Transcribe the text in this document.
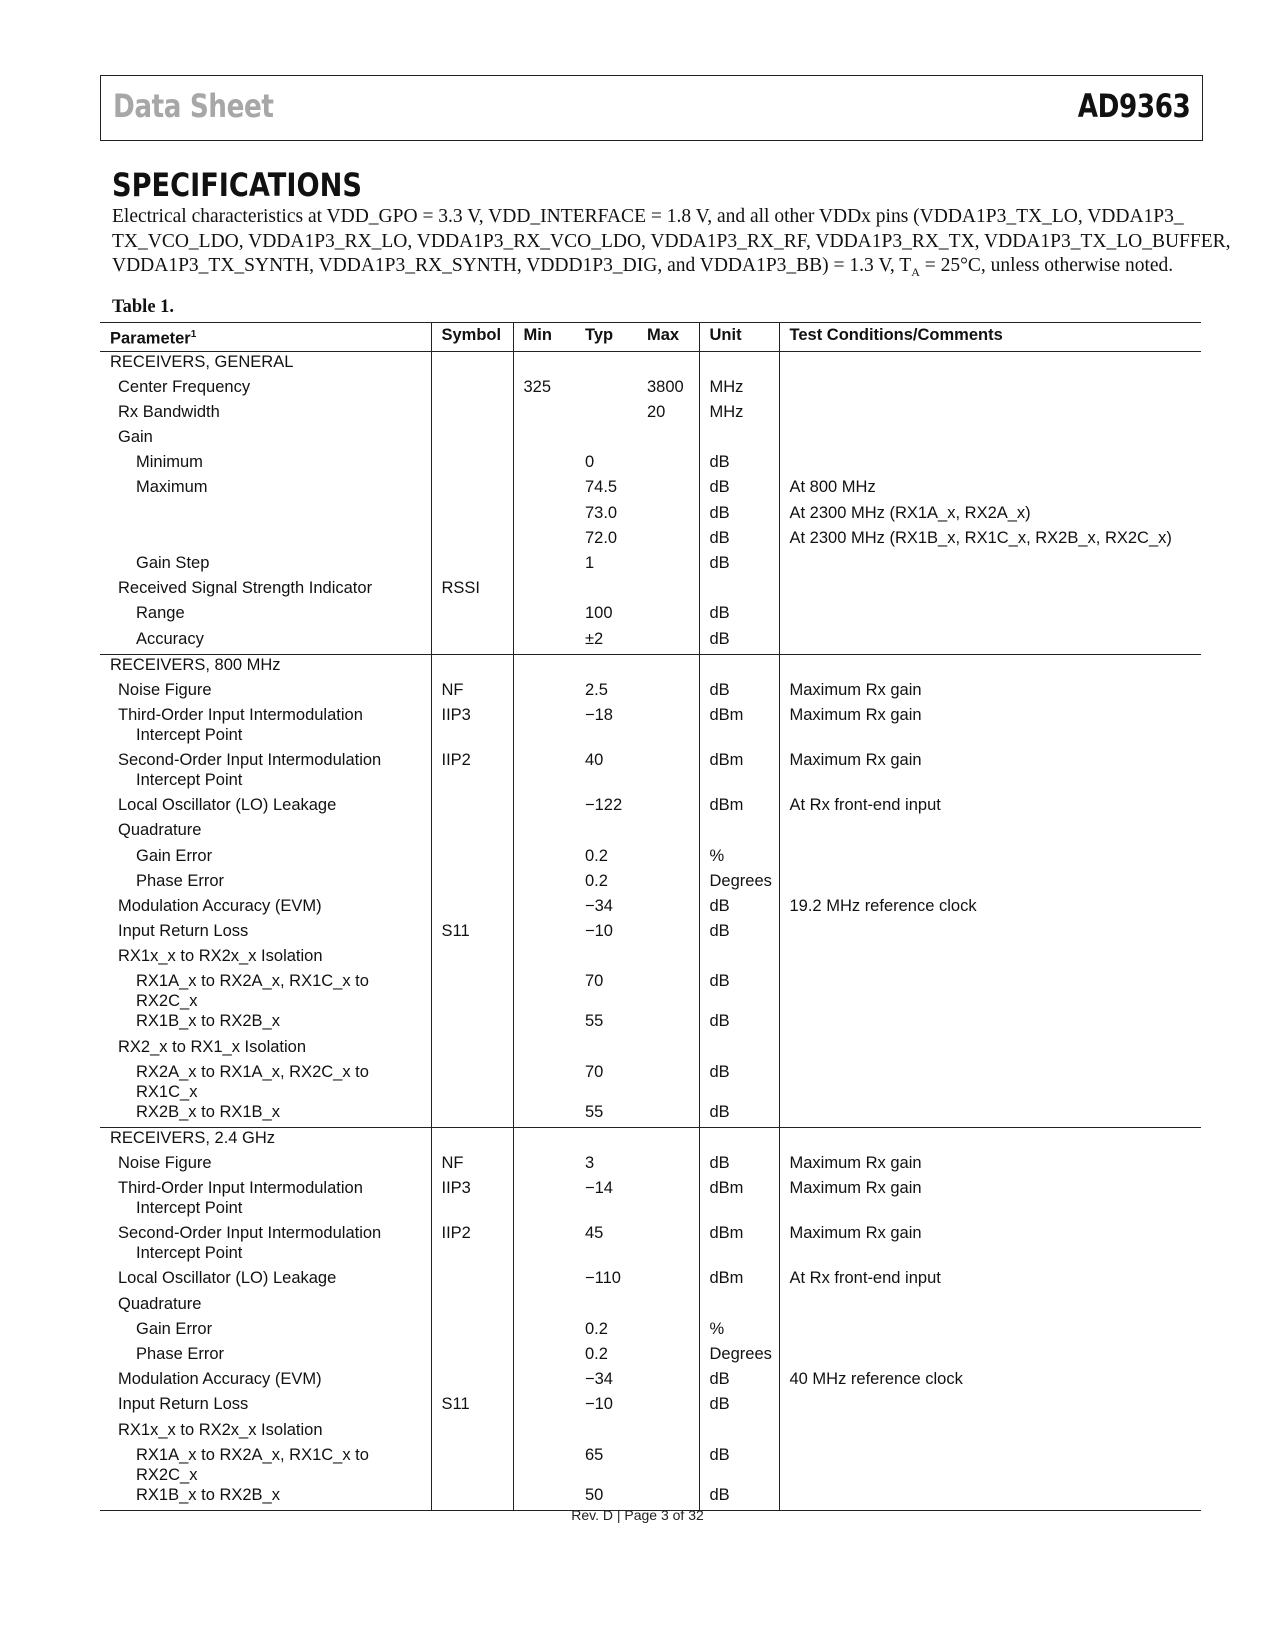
Data Sheet	AD9363
SPECIFICATIONS

Electrical characteristics at VDD_GPO = 3.3 V, VDD_INTERFACE = 1.8 V, and all other VDDx pins (VDDA1P3_TX_LO, VDDA1P3_

TX_VCO_LDO, VDDA1P3_RX_LO, VDDA1P3_RX_VCO_LDO, VDDA1P3_RX_RF, VDDA1P3_RX_TX, VDDA1P3_TX_LO_BUFFER,

VDDA1P3_TX_SYNTH, VDDA1P3_RX_SYNTH, VDDD1P3_DIG, and VDDA1P3_BB) = 1.3 V, $T_A = 25^\circ C$, unless otherwise noted.

Table 1.
Parameter$^1$	Symbol	Min	Typ	Max	Unit	Test Conditions/Comments
RECEIVERS, GENERAL						
Center Frequency		325		3800	MHz	
Rx Bandwidth				20	MHz	
Gain						
Minimum			0		dB	
Maximum			74.5		dB	At 800 MHz
			73.0		dB	At 2300 MHz (RX1A_x, RX2A_x)
			72.0		dB	At 2300 MHz (RX1B_x, RX1C_x, RX2B_x, RX2C_x)
Gain Step			1		dB	
Received Signal Strength Indicator	RSSI					
Range			100		dB	
Accuracy			±2		dB	
RECEIVERS, 800 MHz						
Noise Figure	NF		2.5		dB	Maximum Rx gain
Third-Order Input Intermodulation
Intercept Point	IIP3		−18		dBm	Maximum Rx gain
Second-Order Input Intermodulation
Intercept Point	IIP2		40		dBm	Maximum Rx gain
Local Oscillator (LO) Leakage			−122		dBm	At Rx front-end input
Quadrature						
Gain Error			0.2		%	
Phase Error			0.2		Degrees	
Modulation Accuracy (EVM)			−34		dB	19.2 MHz reference clock
Input Return Loss	S11		−10		dB	
RX1x_x to RX2x_x Isolation						
RX1A_x to RX2A_x, RX1C_x to RX2C_x			70		dB	
RX1B_x to RX2B_x			55		dB	
RX2_x to RX1_x Isolation						
RX2A_x to RX1A_x, RX2C_x to RX1C_x			70		dB	
RX2B_x to RX1B_x			55		dB	
RECEIVERS, 2.4 GHz						
Noise Figure	NF		3		dB	Maximum Rx gain
Third-Order Input Intermodulation
Intercept Point	IIP3		−14		dBm	Maximum Rx gain
Second-Order Input Intermodulation
Intercept Point	IIP2		45		dBm	Maximum Rx gain
Local Oscillator (LO) Leakage			−110		dBm	At Rx front-end input
Quadrature						
Gain Error			0.2		%	
Phase Error			0.2		Degrees	
Modulation Accuracy (EVM)			−34		dB	40 MHz reference clock
Input Return Loss	S11		−10		dB	
RX1x_x to RX2x_x Isolation						
RX1A_x to RX2A_x, RX1C_x to RX2C_x			65		dB	
RX1B_x to RX2B_x			50		dB	
Rev. D | Page 3 of 32
